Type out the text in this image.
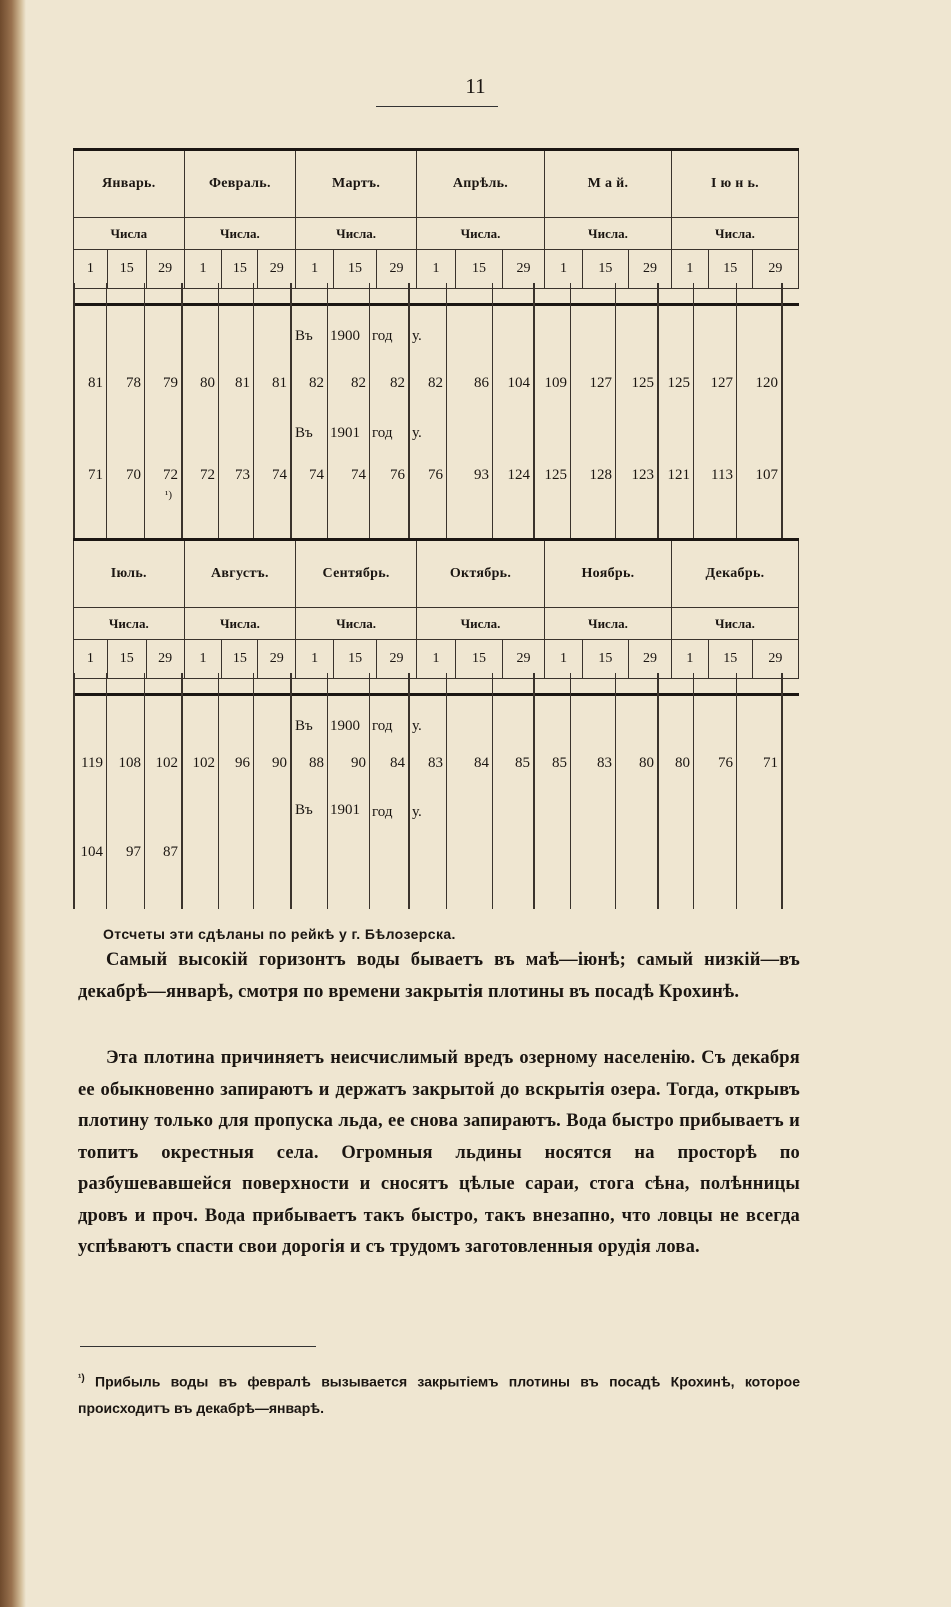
11
Январь.			Февраль.			Мартъ.			Апрѣль.			М а й.			І ю н ь.		
Числа			Числа.			Числа.			Числа.			Числа.			Числа.		
1	15	29	1	15	29	1	15	29	1	15	29	1	15	29	1	15	29
Въ 1900 год у.
Въ 1901 год у.
81	78	79	80	81	81	82	82	82	82	86	104 109	127	125 125	127	120
71	70	72	72	73	74	74	74	76	76	93	124 125	128	123 121	113	107
¹)
Іюль.			Августъ.			Сентябрь.			Октябрь.			Ноябрь.			Декабрь.		
Числа.			Числа.			Числа.			Числа.			Числа.			Числа.		
1	15	29	1	15	29	1	15	29	1	15	29	1	15	29	1	15	29
Въ 1900 год у.
Въ 1901 год у.
119	108 102 102	96	90	88	90	84	83	84	85	85	83	80	80	76	71
104	97	87
Отсчеты эти сдѣланы по рейкѣ у г. Бѣлозерска.

Самый высокій горизонтъ воды бываетъ въ маѣ—іюнѣ; самый низкій—въ декабрѣ—январѣ, смотря по времени закрытія плотины въ посадѣ Крохинѣ.

Эта плотина причиняетъ неисчислимый вредъ озерному населенію. Съ декабря ее обыкновенно запираютъ и держатъ закрытой до вскрытія озера. Тогда, открывъ плотину только для пропуска льда, ее снова запираютъ. Вода быстро прибываетъ и топитъ окрестныя села. Огромныя льдины носятся на просторѣ по разбушевавшейся поверхности и сносятъ цѣлые сараи, стога сѣна, полѣнницы дровъ и проч. Вода прибываетъ такъ быстро, такъ внезапно, что ловцы не всегда успѣваютъ спасти свои дорогія и съ трудомъ заготовленныя орудія лова.

$^{^1)}$ Прибыль воды въ февралѣ вызывается закрытіемъ плотины въ посадѣ Крохинѣ, которое происходитъ въ декабрѣ—январѣ.
